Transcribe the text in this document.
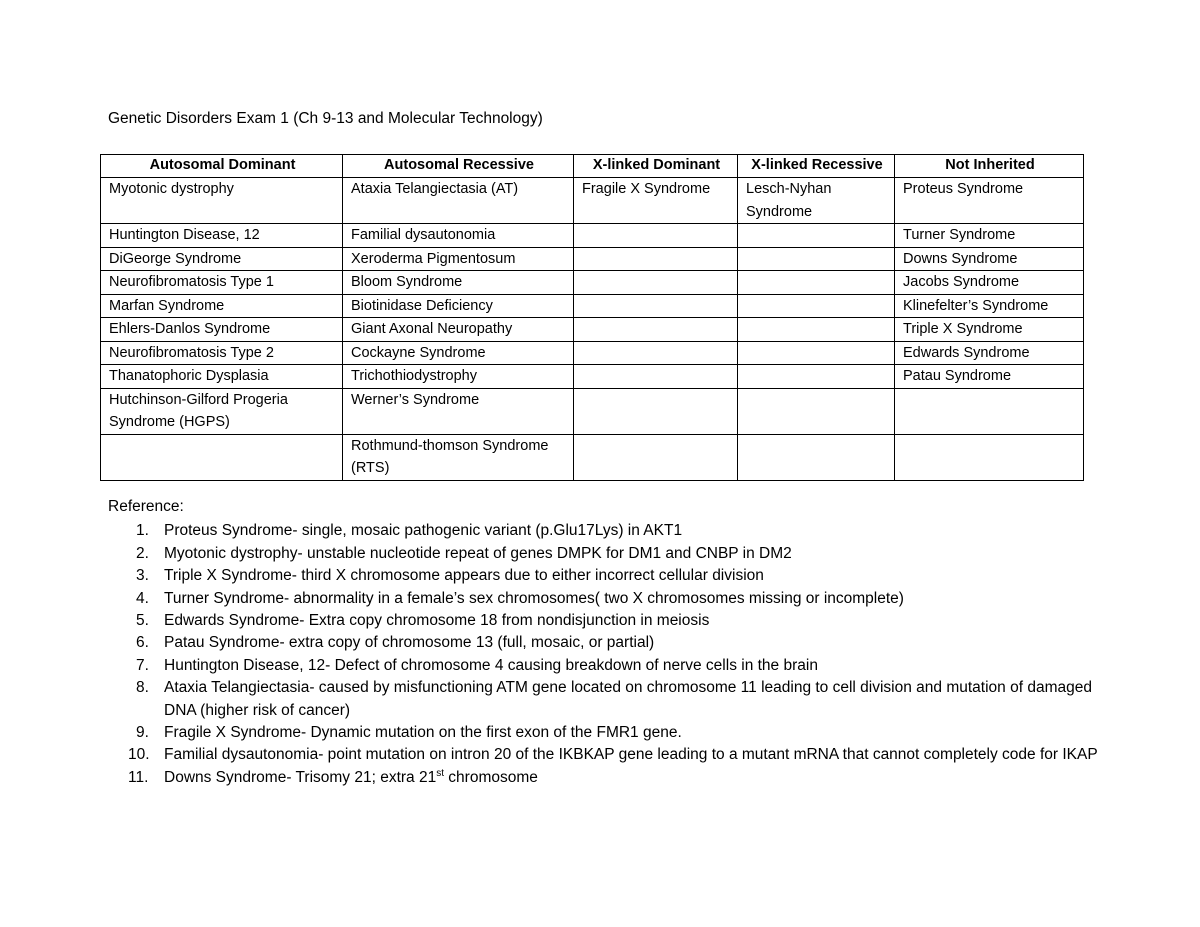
Genetic Disorders Exam 1 (Ch 9-13 and Molecular Technology)
Autosomal Dominant	Autosomal Recessive	X-linked Dominant	X-linked Recessive	Not Inherited
Myotonic dystrophy	Ataxia Telangiectasia (AT)	Fragile X Syndrome	Lesch-Nyhan Syndrome	Proteus Syndrome
Huntington Disease, 12	Familial dysautonomia			Turner Syndrome
DiGeorge Syndrome	Xeroderma Pigmentosum			Downs Syndrome
Neurofibromatosis Type 1	Bloom Syndrome			Jacobs Syndrome
Marfan Syndrome	Biotinidase Deficiency			Klinefelter’s Syndrome
Ehlers-Danlos Syndrome	Giant Axonal Neuropathy			Triple X Syndrome
Neurofibromatosis Type 2	Cockayne Syndrome			Edwards Syndrome
Thanatophoric Dysplasia	Trichothiodystrophy			Patau Syndrome
Hutchinson-Gilford Progeria Syndrome (HGPS)	Werner’s Syndrome			
	Rothmund-thomson Syndrome (RTS)			
Reference:
1. Proteus Syndrome- single, mosaic pathogenic variant (p.Glu17Lys) in AKT1
2. Myotonic dystrophy- unstable nucleotide repeat of genes DMPK for DM1 and CNBP in DM2
3. Triple X Syndrome- third X chromosome appears due to either incorrect cellular division
4. Turner Syndrome- abnormality in a female’s sex chromosomes( two X chromosomes missing or incomplete)
5. Edwards Syndrome- Extra copy chromosome 18 from nondisjunction in meiosis
6. Patau Syndrome- extra copy of chromosome 13 (full, mosaic, or partial)
7. Huntington Disease, 12- Defect of chromosome 4 causing breakdown of nerve cells in the brain
8. Ataxia Telangiectasia- caused by misfunctioning ATM gene located on chromosome 11 leading to cell division and mutation of damaged DNA (higher risk of cancer)
9. Fragile X Syndrome- Dynamic mutation on the first exon of the FMR1 gene.
10. Familial dysautonomia- point mutation on intron 20 of the IKBKAP gene leading to a mutant mRNA that cannot completely code for IKAP
11.	Downs Syndrome- Trisomy 21; extra 21st chromosome
